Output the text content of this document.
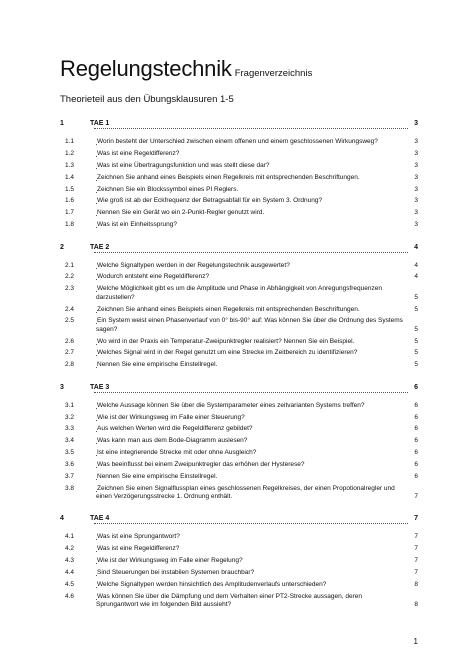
Regelungstechnik Fragenverzeichnis
Theorieteil aus den Übungsklausuren 1-5
1	TAE 1	3
1.1	Worin besteht der Unterschied zwischen einem offenen und einem geschlossenen Wirkungsweg?	3
1.2	Was ist eine Regeldifferenz?	3
1.3	Was ist eine Übertragungsfunktion und was stellt diese dar?	3
1.4	Zeichnen Sie anhand eines Beispiels einen Regelkreis mit entsprechenden Beschriftungen.	3
1.5	Zeichnen Sie ein Blockssymbol eines PI Reglers.	3
1.6	Wie groß ist ab der Eckfrequenz der Betragsabfall für ein System 3. Ordnung?	3
1.7	Nennen Sie ein Gerät wo ein 2-Punkt-Regler genutzt wird.	3
1.8	Was ist ein Einheitssprung?	3
2	TAE 2	4
2.1	Welche Signaltypen werden in der Regelungstechnik ausgewertet?	4
2.2	Wodurch entsteht eine Regeldifferenz?	4
2.3	Welche Möglichkeit gibt es um die Amplitude und Phase in Abhängigkeit von Anregungsfrequenzen darzustellen?	5
2.4	Zeichnen Sie anhand eines Beispiels einen Regelkreis mit entsprechenden Beschriftungen.	5
2.5	Ein System weist einen Phasenverlauf von 0° bis-90° auf: Was können Sie über die Ordnung des Systems sagen?	5
2.6	Wo wird in der Praxis ein Temperatur-Zweipunktregler realisiert? Nennen Sie ein Beispiel.	5
2.7	Welches Signal wird in der Regel genutzt um eine Strecke im Zeitbereich zu identifizieren?	5
2.8	Nennen Sie eine empirische Einstellregel.	5
3	TAE 3	6
3.1	Welche Aussage können Sie über die Systemparameter eines zeitvarianten Systems treffen?	6
3.2	Wie ist der Wirkungsweg im Falle einer Steuerung?	6
3.3	Aus welchen Werten wird die Regeldifferenz gebildet?	6
3.4	Was kann man aus dem Bode-Diagramm auslesen?	6
3.5	Ist eine integrierende Strecke mit oder ohne Ausgleich?	6
3.6	Was beeinflusst bei einem Zweipunktregler das erhöhen der Hysterese?	6
3.7	Nennen Sie eine empirische Einstellregel.	6
3.8	Zeichnen Sie einen Signalflussplan eines geschlossenen Regelkreises, der einen Propotionalregler und einen Verzögerungsstrecke 1. Ordnung enthält.	7
4	TAE 4	7
4.1	Was ist eine Sprungantwort?	7
4.2	Was ist eine Regeldifferenz?	7
4.3	Wie ist der Wirkungsweg im Falle einer Regelung?	7
4.4	Sind Steuerungen bei instabilen Systemen brauchbar?	7
4.5	Welche Signaltypen werden hinsichtlich des Amplitudenverlaufs unterschieden?	8
4.6	Was können Sie über die Dämpfung und dem Verhalten einer PT2-Strecke aussagen, deren Sprungantwort wie im folgenden Bild aussieht?	8
1
